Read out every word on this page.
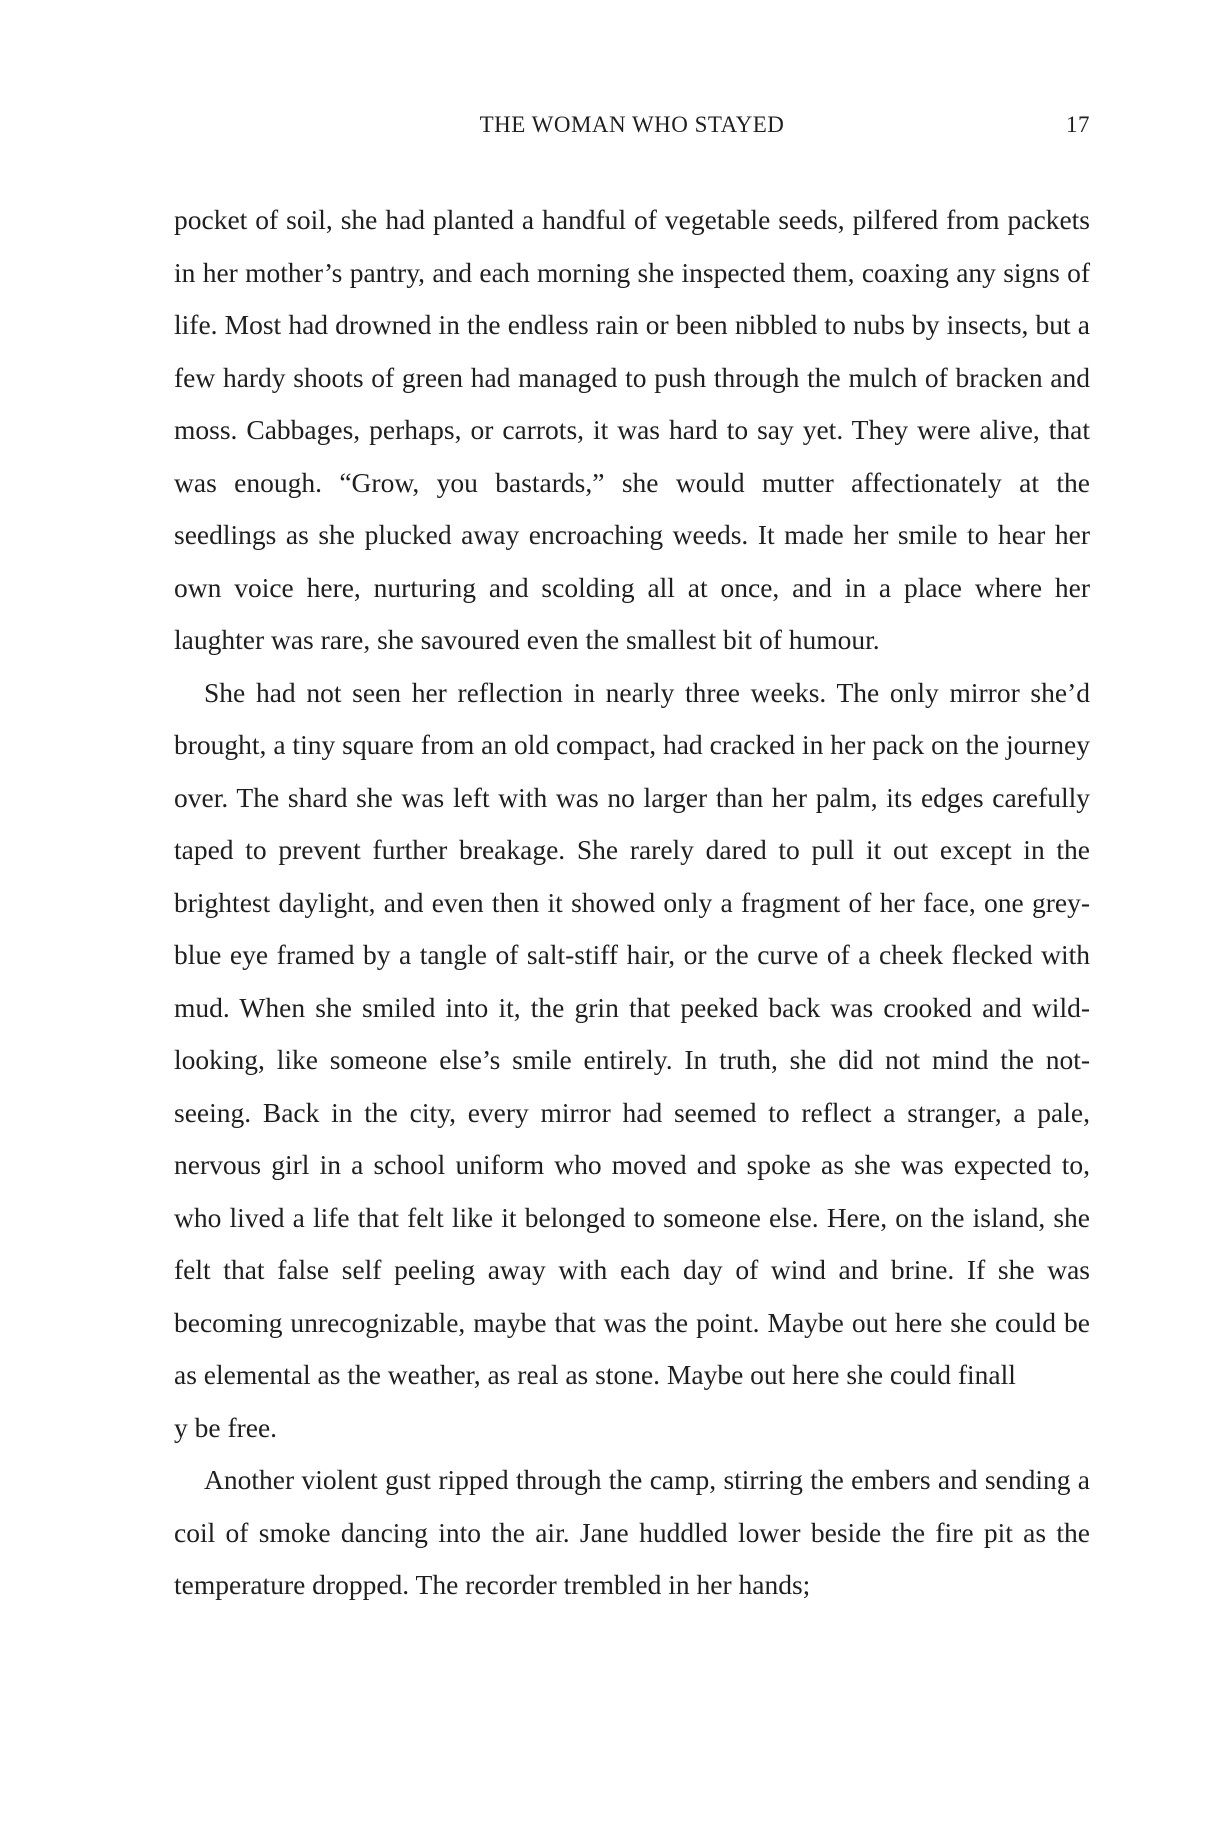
THE WOMAN WHO STAYED	17

pocket of soil, she had planted a handful of vegetable seeds, pilfered from packets in her mother’s pantry, and each morning she inspected them, coaxing any signs of life. Most had drowned in the endless rain or been nibbled to nubs by insects, but a few hardy shoots of green had managed to push through the mulch of bracken and moss. Cabbages, perhaps, or carrots, it was hard to say yet. They were alive, that was enough. “Grow, you bastards,” she would mutter affectionately at the seedlings as she plucked away encroaching weeds. It made her smile to hear her own voice here, nurturing and scolding all at once, and in a place where her laughter was rare, she savoured even the smallest bit of humour.

She had not seen her reflection in nearly three weeks. The only mirror she’d brought, a tiny square from an old compact, had cracked in her pack on the journey over. The shard she was left with was no larger than her palm, its edges carefully taped to prevent further breakage. She rarely dared to pull it out except in the brightest daylight, and even then it showed only a fragment of her face, one grey-blue eye framed by a tangle of salt-stiff hair, or the curve of a cheek flecked with mud. When she smiled into it, the grin that peeked back was crooked and wild-looking, like someone else’s smile entirely. In truth, she did not mind the not-seeing. Back in the city, every mirror had seemed to reflect a stranger, a pale, nervous girl in a school uniform who moved and spoke as she was expected to, who lived a life that felt like it belonged to someone else. Here, on the island, she felt that false self peeling away with each day of wind and brine. If she was becoming unrecognizable, maybe that was the point. Maybe out here she could be as elemental as the weather, as real as stone. Maybe out here she could finall

y be free.

Another violent gust ripped through the camp, stirring the embers and sending a coil of smoke dancing into the air. Jane huddled lower beside the fire pit as the temperature dropped. The recorder trembled in her hands;
